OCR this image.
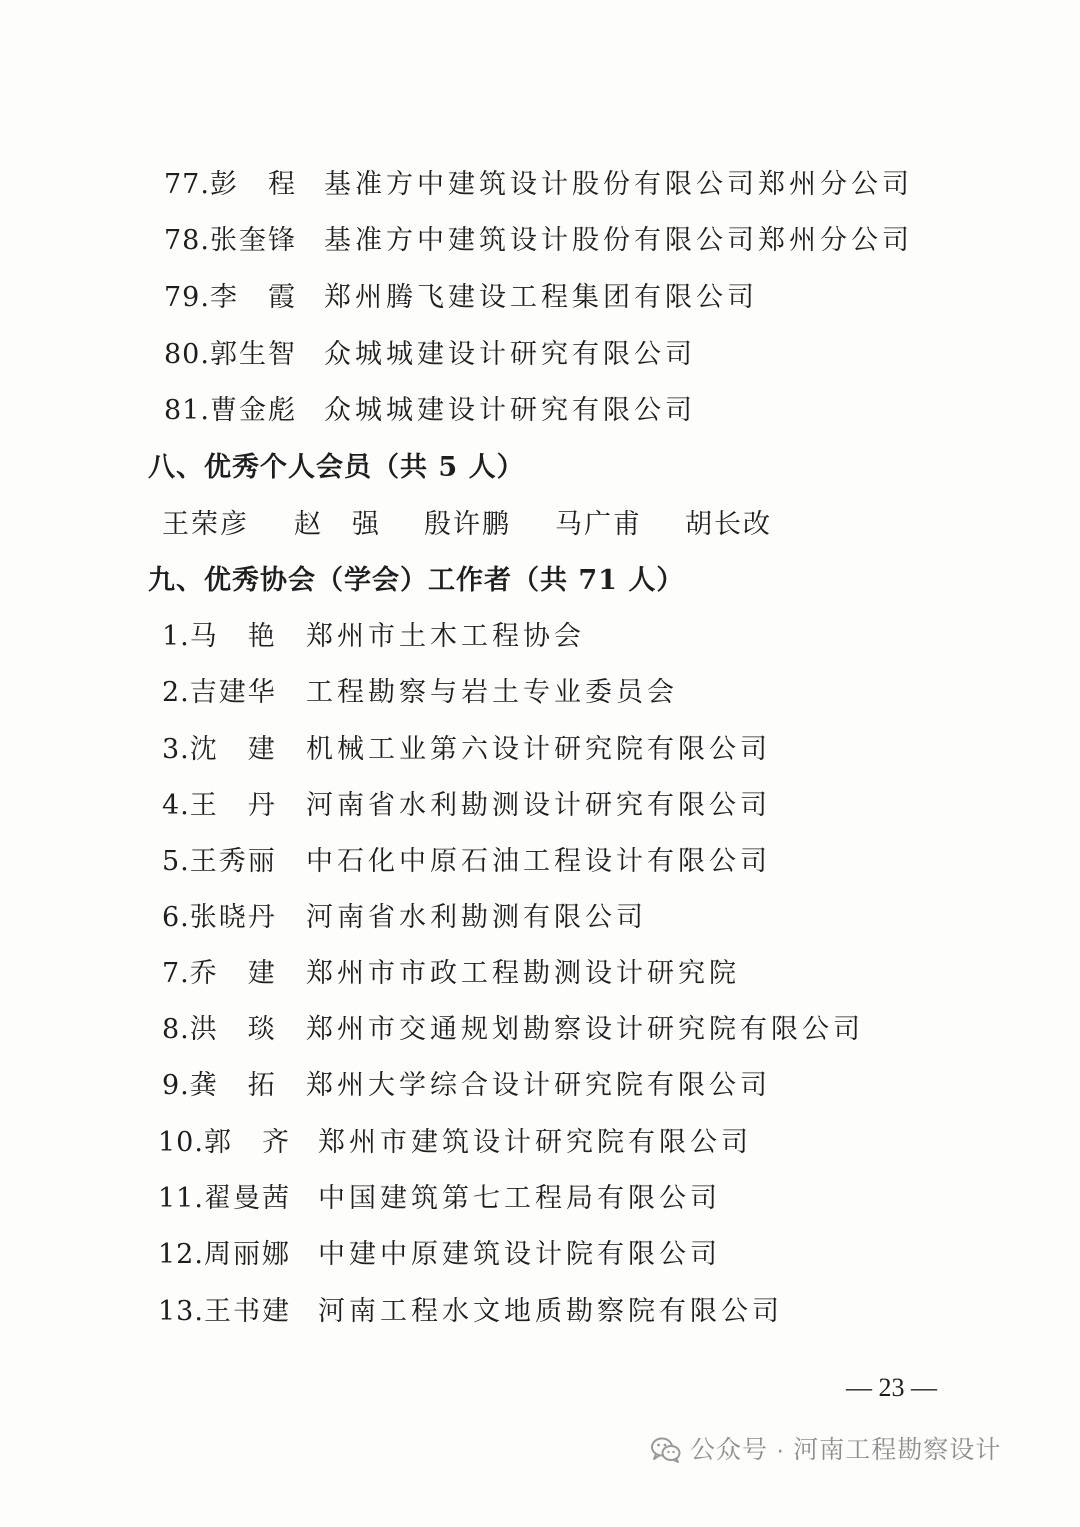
77.彭　程 基准方中建筑设计股份有限公司郑州分公司
78.张奎锋 基准方中建筑设计股份有限公司郑州分公司
79.李　霞 郑州腾飞建设工程集团有限公司
80.郭生智 众城城建设计研究有限公司
81.曹金彪 众城城建设计研究有限公司
八、优秀个人会员（共 5 人）
王荣彦 赵　强 殷许鹏 马广甫 胡长改
九、优秀协会（学会）工作者（共 71 人）
1.马　艳 郑州市土木工程协会
2.吉建华 工程勘察与岩土专业委员会
3.沈　建 机械工业第六设计研究院有限公司
4.王　丹 河南省水利勘测设计研究有限公司
5.王秀丽 中石化中原石油工程设计有限公司
6.张晓丹 河南省水利勘测有限公司
7.乔　建 郑州市市政工程勘测设计研究院
8.洪　琰 郑州市交通规划勘察设计研究院有限公司
9.龚　拓 郑州大学综合设计研究院有限公司
10.郭　齐 郑州市建筑设计研究院有限公司
11.翟曼茜 中国建筑第七工程局有限公司
12.周丽娜 中建中原建筑设计院有限公司
13.王书建 河南工程水文地质勘察院有限公司
— 23 —
公众号 · 河南工程勘察设计
